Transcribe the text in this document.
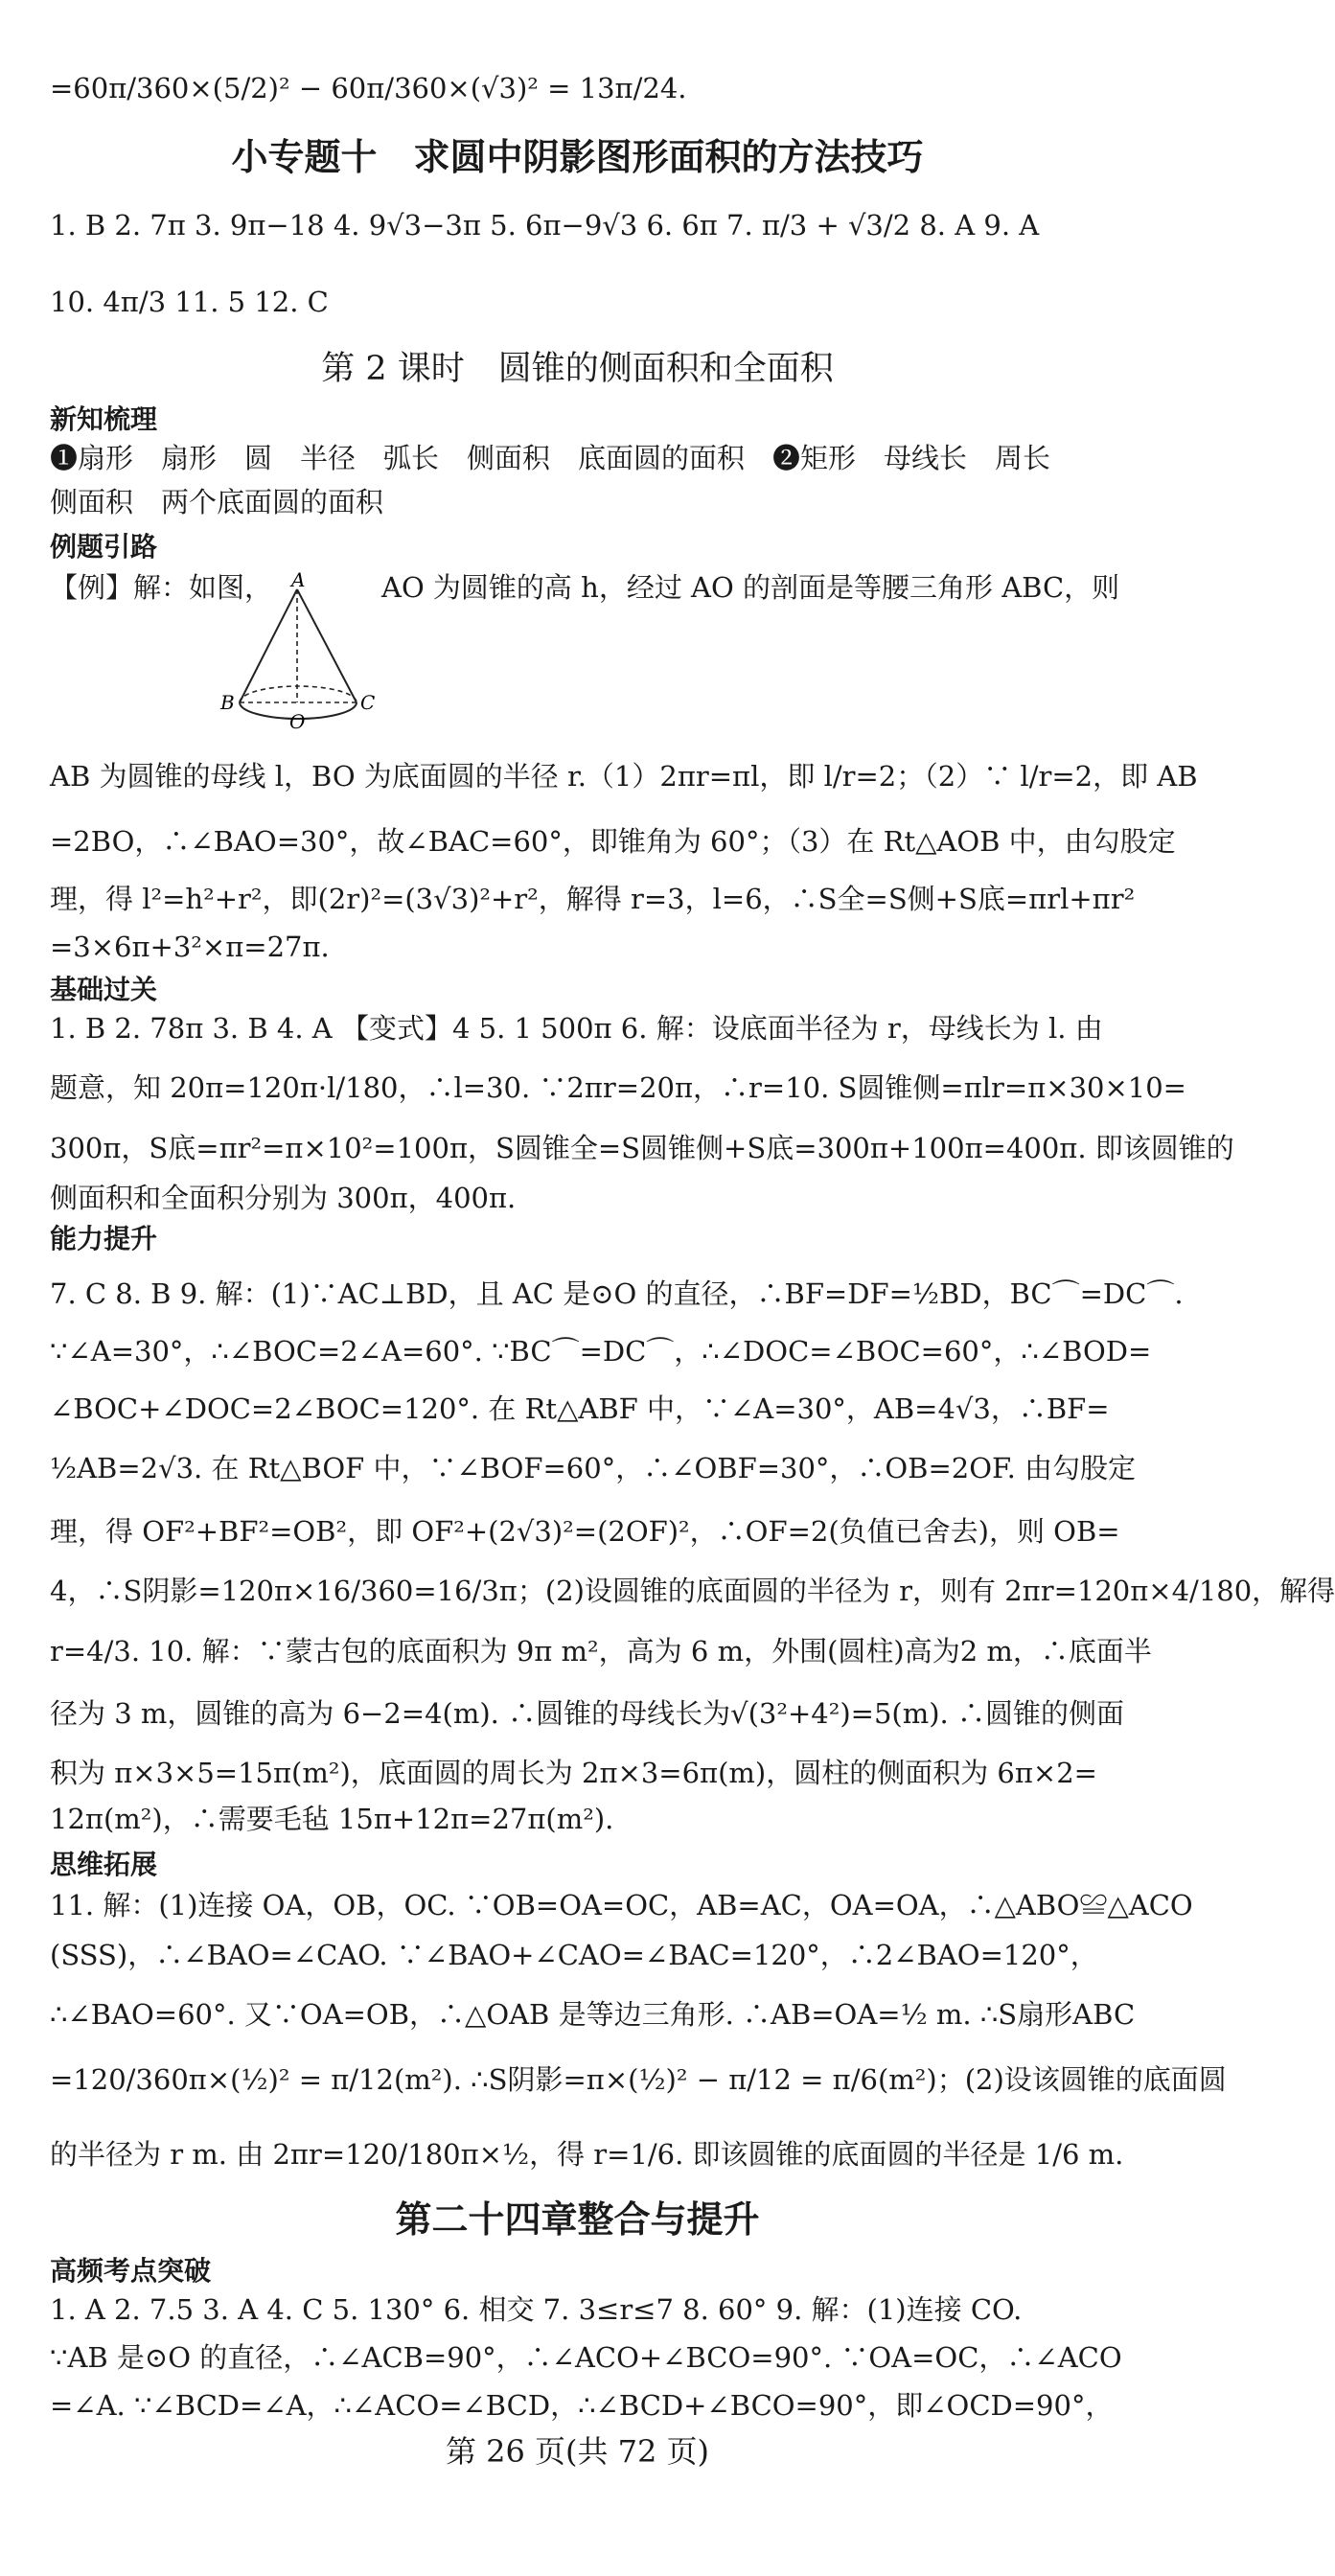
=60π/360×(5/2)² − 60π/360×(√3)² = 13π/24.
小专题十　求圆中阴影图形面积的方法技巧
1. B 2. 7π 3. 9π−18 4. 9√3−3π 5. 6π−9√3 6. 6π 7. π/3 + √3/2 8. A 9. A
10. 4π/3 11. 5 12. C
第 2 课时　圆锥的侧面积和全面积
新知梳理
❶扇形　扇形　圆　半径　弧长　侧面积　底面圆的面积　❷矩形　母线长　周长
侧面积　两个底面圆的面积
例题引路
【例】解：如图， A
B	C
O
AO 为圆锥的高 h，经过 AO 的剖面是等腰三角形 ABC，则
AB 为圆锥的母线 l，BO 为底面圆的半径 r.（1）2πr=πl，即 l/r=2；（2）∵ l/r=2，即 AB
=2BO，∴∠BAO=30°，故∠BAC=60°，即锥角为 60°；（3）在 Rt△AOB 中，由勾股定
理，得 l²=h²+r²，即(2r)²=(3√3)²+r²，解得 r=3，l=6，∴S全=S侧+S底=πrl+πr²
=3×6π+3²×π=27π.
基础过关
1. B 2. 78π 3. B 4. A 【变式】4 5. 1 500π 6. 解：设底面半径为 r，母线长为 l. 由
题意，知 20π=120π·l/180，∴l=30. ∵2πr=20π，∴r=10. S圆锥侧=πlr=π×30×10=
300π，S底=πr²=π×10²=100π，S圆锥全=S圆锥侧+S底=300π+100π=400π. 即该圆锥的
侧面积和全面积分别为 300π，400π.
能力提升
7. C 8. B 9. 解：(1)∵AC⊥BD，且 AC 是⊙O 的直径，∴BF=DF=½BD，BC⌒=DC⌒.
∵∠A=30°，∴∠BOC=2∠A=60°. ∵BC⌒=DC⌒，∴∠DOC=∠BOC=60°，∴∠BOD=
∠BOC+∠DOC=2∠BOC=120°. 在 Rt△ABF 中，∵∠A=30°，AB=4√3，∴BF=
½AB=2√3. 在 Rt△BOF 中，∵∠BOF=60°，∴∠OBF=30°，∴OB=2OF. 由勾股定
理，得 OF²+BF²=OB²，即 OF²+(2√3)²=(2OF)²，∴OF=2(负值已舍去)，则 OB=
4，∴S阴影=120π×16/360=16/3π；(2)设圆锥的底面圆的半径为 r，则有 2πr=120π×4/180，解得
r=4/3. 10. 解：∵蒙古包的底面积为 9π m²，高为 6 m，外围(圆柱)高为2 m，∴底面半
径为 3 m，圆锥的高为 6−2=4(m). ∴圆锥的母线长为√(3²+4²)=5(m). ∴圆锥的侧面
积为 π×3×5=15π(m²)，底面圆的周长为 2π×3=6π(m)，圆柱的侧面积为 6π×2=
12π(m²)，∴需要毛毡 15π+12π=27π(m²).
思维拓展
11. 解：(1)连接 OA，OB，OC. ∵OB=OA=OC，AB=AC，OA=OA，∴△ABO≌△ACO
(SSS)，∴∠BAO=∠CAO. ∵∠BAO+∠CAO=∠BAC=120°，∴2∠BAO=120°，
∴∠BAO=60°. 又∵OA=OB，∴△OAB 是等边三角形. ∴AB=OA=½ m. ∴S扇形ABC
=120/360π×(½)² = π/12(m²). ∴S阴影=π×(½)² − π/12 = π/6(m²)；(2)设该圆锥的底面圆
的半径为 r m. 由 2πr=120/180π×½，得 r=1/6. 即该圆锥的底面圆的半径是 1/6 m.
第二十四章整合与提升
高频考点突破
1. A 2. 7.5 3. A 4. C 5. 130° 6. 相交 7. 3≤r≤7 8. 60° 9. 解：(1)连接 CO.
∵AB 是⊙O 的直径，∴∠ACB=90°，∴∠ACO+∠BCO=90°. ∵OA=OC，∴∠ACO
=∠A. ∵∠BCD=∠A，∴∠ACO=∠BCD，∴∠BCD+∠BCO=90°，即∠OCD=90°，
第 26 页(共 72 页)
